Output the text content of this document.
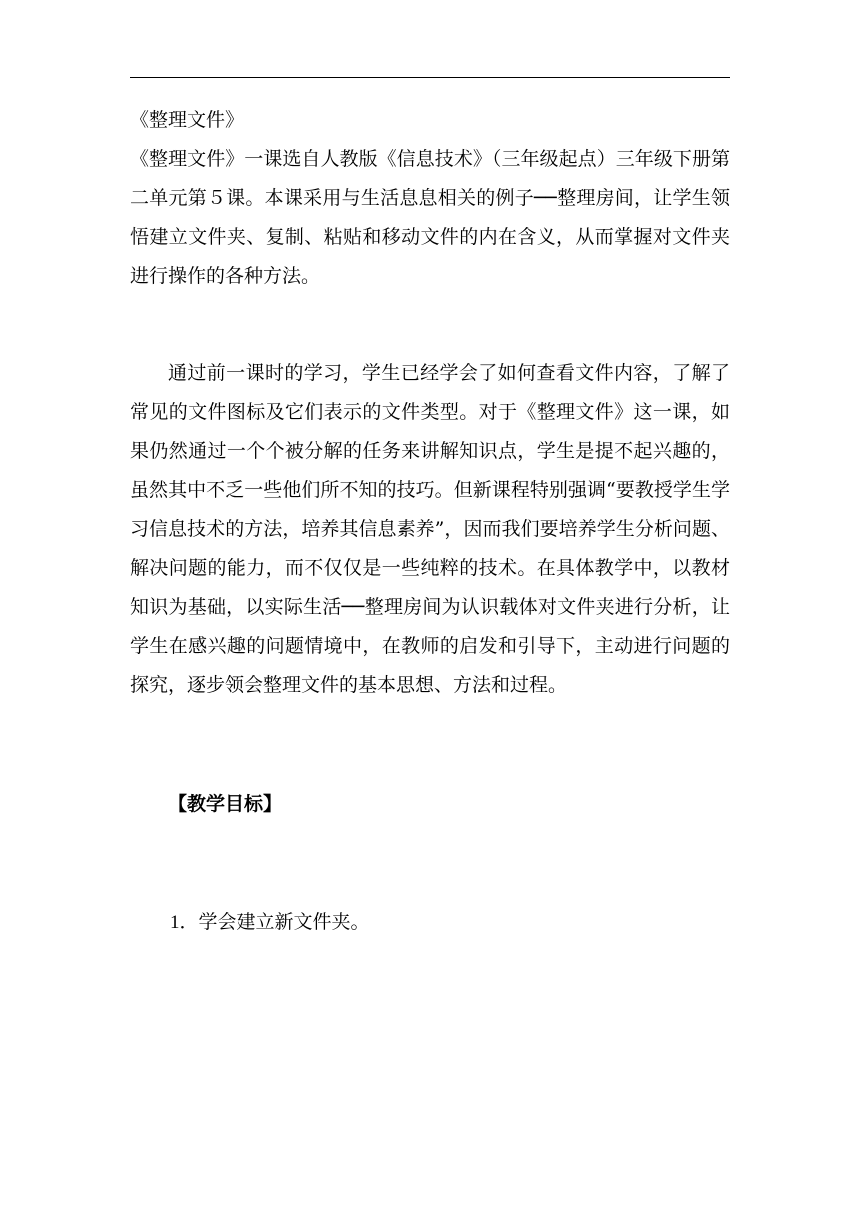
《整理文件》

《整理文件》一课选自人教版《信息技术》（三年级起点）三年级下册第二单元第５课。本课采用与生活息息相关的例子──整理房间，让学生领悟建立文件夹、复制、粘贴和移动文件的内在含义，从而掌握对文件夹进行操作的各种方法。

通过前一课时的学习，学生已经学会了如何查看文件内容，了解了常见的文件图标及它们表示的文件类型。对于《整理文件》这一课，如果仍然通过一个个被分解的任务来讲解知识点，学生是提不起兴趣的，虽然其中不乏一些他们所不知的技巧。但新课程特别强调“要教授学生学习信息技术的方法，培养其信息素养”，因而我们要培养学生分析问题、解决问题的能力，而不仅仅是一些纯粹的技术。在具体教学中，以教材知识为基础，以实际生活──整理房间为认识载体对文件夹进行分析，让学生在感兴趣的问题情境中，在教师的启发和引导下，主动进行问题的探究，逐步领会整理文件的基本思想、方法和过程。

【教学目标】
1．学会建立新文件夹。
